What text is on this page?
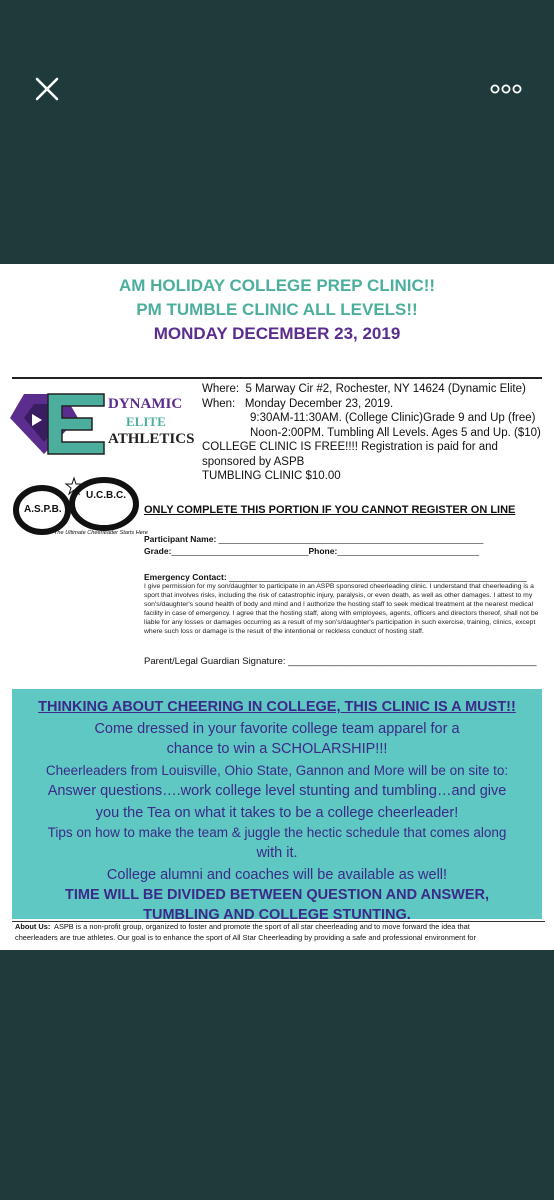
AM HOLIDAY COLLEGE PREP CLINIC!!
PM TUMBLE CLINIC ALL LEVELS!!
MONDAY DECEMBER 23, 2019
DYNAMIC
ELITE
ATHLETICS
Where: 5 Marway Cir #2, Rochester, NY 14624 (Dynamic Elite)
When: Monday December 23, 2019.
9:30AM-11:30AM. (College Clinic)Grade 9 and Up (free)
Noon-2:00PM. Tumbling All Levels. Ages 5 and Up. ($10)
COLLEGE CLINIC IS FREE!!!! Registration is paid for and
sponsored by ASPB
TUMBLING CLINIC $10.00
A.S.P.B.
U.C.B.C.
The Ultimate Cheerleader Starts Here
ONLY COMPLETE THIS PORTION IF YOU CANNOT REGISTER ON LINE
Participant Name: ________________________________________________________
Grade:_____________________________Phone:______________________________
Emergency Contact: _______________________________________________________________
I give permission for my son/daughter to participate in an ASPB sponsored cheerleading clinic. I understand that cheerleading is a sport that involves risks, including the risk of catastrophic injury, paralysis, or even death, as well as other damages. I attest to my son's/daughter's sound health of body and mind and I authorize the hosting staff to seek medical treatment at the nearest medical facility in case of emergency. I agree that the hosting staff, along with employees, agents, officers and directors thereof, shall not be liable for any losses or damages occurring as a result of my son's/daughter's participation in such exercise, training, clinics, except where such loss or damage is the result of the intentional or reckless conduct of hosting staff.
Parent/Legal Guardian Signature: _______________________________________________
THINKING ABOUT CHEERING IN COLLEGE, THIS CLINIC IS A MUST!!
Come dressed in your favorite college team apparel for a
chance to win a SCHOLARSHIP!!!
Cheerleaders from Louisville, Ohio State, Gannon and More will be on site to:
Answer questions….work college level stunting and tumbling…and give
you the Tea on what it takes to be a college cheerleader!
Tips on how to make the team & juggle the hectic schedule that comes along
with it.
College alumni and coaches will be available as well!
TIME WILL BE DIVIDED BETWEEN QUESTION AND ANSWER,
TUMBLING AND COLLEGE STUNTING.
About Us: ASPB is a non-profit group, organized to foster and promote the sport of all star cheerleading and to move forward the idea that
cheerleaders are true athletes. Our goal is to enhance the sport of All Star Cheerleading by providing a safe and professional environment for
